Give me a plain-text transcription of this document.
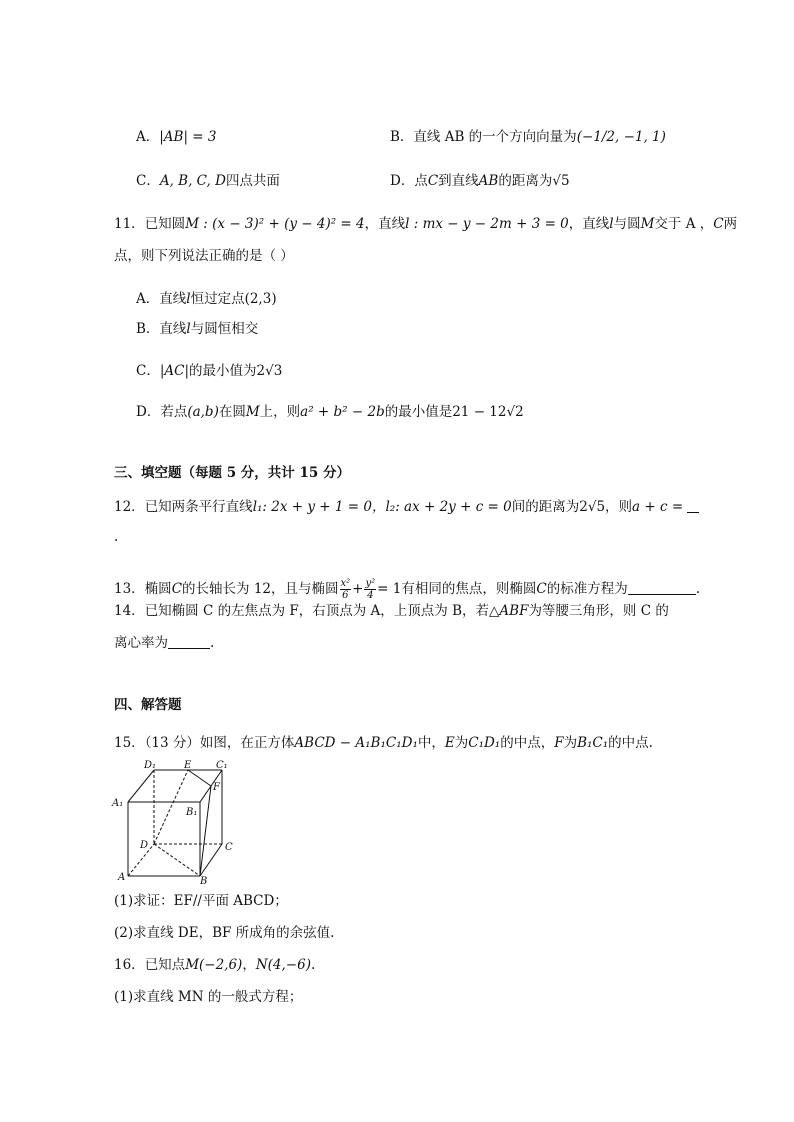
A．|AB| = 3	B．直线 AB 的一个方向向量为(−1/2, −1, 1)
C．A, B, C, D四点共面	D．点C到直线AB的距离为√5
11．已知圆M : (x − 3)² + (y − 4)² = 4，直线l : mx − y − 2m + 3 = 0，直线l与圆M交于 A ，C两
点，则下列说法正确的是（ ）
A．直线l恒过定点(2,3)
B．直线l与圆恒相交
C．|AC|的最小值为2√3
D．若点(a,b)在圆M上，则a² + b² − 2b的最小值是21 − 12√2
三、填空题（每题 5 分，共计 15 分）
12．已知两条平行直线l₁: 2x + y + 1 = 0，l₂: ax + 2y + c = 0间的距离为2√5，则a + c =
.
13．椭圆C的长轴长为 12，且与椭圆 $\frac{\text{x²}}{6} + \frac{\text{y²}}{4} = 1$有相同的焦点，则椭圆C的标准方程为	.
14．已知椭圆 C 的左焦点为 F，右顶点为 A，上顶点为 B，若△ABF为等腰三角形，则 C 的
离心率为	.
四、解答题
15．（13 分）如图，在正方体ABCD − A₁B₁C₁D₁中，E为C₁D₁的中点，F为B₁C₁的中点.
D₁	E C₁
A₁
F
B₁
D	C
A	B
(1)求证：EF//平面 ABCD；
(2)求直线 DE，BF 所成角的余弦值.
16．已知点M(−2,6)，N(4,−6).
(1)求直线 MN 的一般式方程；
